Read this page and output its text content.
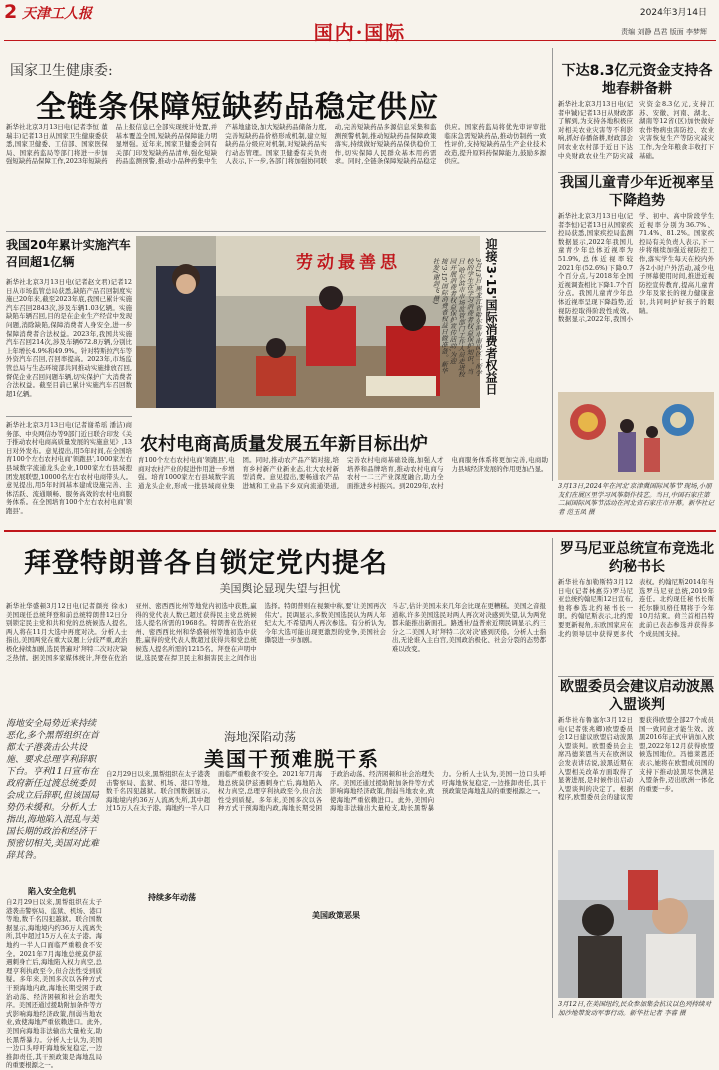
2 天津工人报	2024年3月14日
国内·国际	责编 刘静 昌君 版面 李梦辉
国家卫生健康委:
全链条保障短缺药品稳定供应
新华社北京3月13日电(记者李恒 董瑞丰)记者13日从国家卫生健康委获悉,国家卫健委、工信部、国家医保局、国家药监局等部门将进一步加强短缺药品保障工作,2023年短缺药品上报信息已全部实现统计处置,并基本覆盖全国,短缺药品保障能力明显增强。近年来,国家卫健委会同有关部门印发短缺药品清单,强化短缺药品监测预警,推动小品种药集中生产基地建设,加大短缺药品储备力度,完善短缺药品价格形成机制,建立短缺药品分级应对机制,对短缺药品实行动态管理。国家卫健委有关负责人表示,下一步,各部门将加强协同联动,完善短缺药品多源信息采集和监测预警机制,推动短缺药品保障政策落实,持续做好短缺药品保供稳价工作,切实保障人民群众基本用药需求。同时,全链条保障短缺药品稳定供应。国家药监局将优先审评审批临床急需短缺药品,推动仿制药一致性评价,支持短缺药品生产企业技术改造,提升原料药保障能力,鼓励多源供应。
我国20年累计实施汽车召回超1亿辆
新华社北京3月13日电(记者赵文君)记者12日从市场监管总局获悉,缺陷产品召回制度实施已20年来,截至2023年底,我国已累计实施汽车召回2843次,涉及车辆1.03亿辆。实施缺陷车辆召回,目的是在企业生产经营中发现问题,消除缺陷,保障消费者人身安全,进一步保障消费者合法权益。2023年,我国共实施汽车召回214次,涉及车辆672.8万辆,分别比上年增长4.9%和49.9%。针对特斯拉汽车等外资汽车召回,召回率提高。2023年,市场监管总局与生态环境部共同推动实施排放召回,督促企业召回问题车辆,切实保护广大消费者合法权益。截至目前已累计实施汽车召回数超1亿辆。
新华社北京3月13日电(记者谢希瑶 潘洁)商务部、中央网信办等9部门近日联合印发《关于推动农村电商高质量发展的实施意见》,13日对外发布。意见提出,用5年时间,在全国培育100个左右农村电商'领跑县',1000家左右县域数字流通龙头企业,1000家左右县域抱团发展联盟,10000名左右农村电商带头人。意见提出,用5年时间基本建成设施完善、主体活跃、流通顺畅、服务高效的农村电商服务体系。在全国培育100个左右农村电商'领跑县'。
劳动最善思	迎接'3·15'国际消费者权益日
3月13日,黑龙江省哈尔滨市南岗区一所学校的学生在学习消费者权益保护知识。当日,哈尔滨市市场监管部门工作人员走进校园开展消费者权益保护宣传活动,为迎接'3·15'国际消费者权益日做准备。新华社发(谢剑飞 摄)
农村电商高质量发展五年新目标出炉
育100个左右农村电商'领跑县',电商对农村产业的促进作用进一步增强。培育1000家左右县域数字流通龙头企业,形成一批县域商业集团。同时,推动农产品产销对接,培育乡村新产业新业态,壮大农村新型消费。意见提出,要畅通农产品进城和工业品下乡双向流通渠道,完善农村电商基础设施,加强人才培养和品牌培育,推动农村电商与农村一二三产业深度融合,助力全面推进乡村振兴。到2029年,农村电商服务体系将更加完善,电商助力县域经济发展的作用更加凸显。
下达8.3亿元资金支持各地春耕备耕
新华社北京3月13日电(记者申铖)记者13日从财政部了解到,为支持各地积极应对相关农业灾害等不利影响,抓好春播备耕,财政部会同农业农村部于近日下达中央财政农业生产防灾减灾资金8.3亿元,支持江苏、安徽、河南、湖北、湖南等12省(区)加快做好农作物病虫害防控、农业灾害恢复生产等防灾减灾工作,为全年粮食丰收打下基础。
我国儿童青少年近视率呈下降趋势
新华社北京3月13日电(记者李恒)记者13日从国家疾控局获悉,国家疾控局监测数据显示,2022年我国儿童青少年总体近视率为51.9%,总体近视率较2021年(52.6%)下降0.7个百分点,与2018年全国近视调查相比下降1.7个百分点。我国儿童青少年总体近视率呈现下降趋势,近视防控取得阶段性成效。数据显示,2022年,我国小学、初中、高中阶段学生近视率分别为36.7%、71.4%、81.2%。国家疾控局有关负责人表示,下一步将继续加强近视防控工作,落实学生每天在校内外各2小时户外活动,减少电子屏幕使用时间,推进近视防控宣传教育,提高儿童青少年及家长的视力健康意识,共同呵护好孩子的眼睛。
3月13日,2024年在河北'京津冀国际风筝节'现场,小朋友们在展区里学习风筝制作技艺。当日,中国石家庄第二届国际风筝节活动在河北省石家庄市开幕。新华社记者 范玉凤 摄
拜登特朗普各自锁定党内提名
美国舆论显现失望与担忧
新华社华盛顿3月12日电(记者颜亮 徐永)美国现任总统拜登和前总统特朗普12日分别锁定民主党和共和党的总统候选人提名,两人将在11月大选中再度对决。分析人士指出,美国两党在重大议题上分歧严重,政治极化持续加剧,选民普遍对'拜特二次对决'缺乏热情。据美国多家媒体统计,拜登在佐治亚州、密西西比州等地党内初选中获胜,赢得的党代表人数已超过获得民主党总统候选人提名所需的1968名。特朗普在佐治亚州、密西西比州和华盛顿州等地初选中获胜,赢得的党代表人数超过获得共和党总统候选人提名所需的1215名。拜登在声明中说,选民要在捍卫民主和损害民主之间作出选择。特朗普则在视频中称,要'让美国再次伟大'。民调显示,多数美国选民认为两人年纪太大,不希望两人再次参选。有分析认为,今年大选可能出现更激烈的党争,美国社会撕裂进一步加剧。
斗志',估计美国未来几年会比现在更糟糕。美国之音报道称,许多美国选民对两人再次对决感到失望,认为两党都未能推出新面孔。路透社/益普索近期民调显示,约三分之二美国人对'拜特二次对决'感到厌倦。分析人士指出,无论谁入主白宫,美国政治极化、社会分裂的态势都难以改变。
海地深陷动荡
美国干预难脱干系
海地安全局势近来持续恶化,多个黑帮组织在首都太子港袭击公共设施、要求总理亨利辞职下台。亨利11日宣布在政府新任过渡总统委员会成立后辞职,但该国局势仍未缓和。分析人士指出,海地陷入混乱与美国长期的政治和经济干预密切相关,美国对此难辞其咎。
陷入安全危机
自2月29日以来,黑帮组织在太子港袭击警察局、监狱、机场、港口等地,数千名囚犯越狱。联合国数据显示,海地境内约36万人流离失所,其中超过15万人在太子港。海地约一半人口面临严重粮食不安全。2021年7月海地总统莫伊兹遇刺身亡后,海地陷入权力真空,总理亨利执政至今,但合法性受到质疑。多年来,美国多次以各种方式干预海地内政,海地长期受困于政治动荡、经济困顿和社会治理失序。美国还通过援助附加条件等方式影响海地经济政策,削弱当地农业,致使海地严重依赖进口。此外,美国向海地非法输出大量枪支,助长黑帮暴力。分析人士认为,美国一边口头呼吁海地恢复稳定,一边推卸责任,其干预政策是海地乱局的重要根源之一。
自2月29日以来,黑帮组织在太子港袭击警察局、监狱、机场、港口等地,数千名囚犯越狱。联合国数据显示,海地境内约36万人流离失所,其中超过15万人在太子港。海地约一半人口面临严重粮食不安全。2021年7月海地总统莫伊兹遇刺身亡后,海地陷入权力真空,总理亨利执政至今,但合法性受到质疑。多年来,美国多次以各种方式干预海地内政,海地长期受困于政治动荡、经济困顿和社会治理失序。美国还通过援助附加条件等方式影响海地经济政策,削弱当地农业,致使海地严重依赖进口。此外,美国向海地非法输出大量枪支,助长黑帮暴力。分析人士认为,美国一边口头呼吁海地恢复稳定,一边推卸责任,其干预政策是海地乱局的重要根源之一。
持续多年动荡
美国政策恶果
罗马尼亚总统宣布竞选北约秘书长
新华社布加勒斯特3月12日电(记者林惠芬)罗马尼亚总统约翰尼斯12日宣布,他将参选北约秘书长一职。约翰尼斯表示,北约需要更新视角,东欧国家应在北约领导层中获得更多代表权。约翰尼斯2014年当选罗马尼亚总统,2019年连任。北约现任秘书长斯托尔滕贝格任期将于今年10月结束。荷兰首相吕特此前已表态参选并获得多个成员国支持。
欧盟委员会建议启动波黑入盟谈判
新华社布鲁塞尔3月12日电(记者张兆卿)欧盟委员会12日建议欧盟启动波黑入盟谈判。欧盟委员会主席冯德莱恩当天在欧洲议会发表讲话说,波黑近期在入盟相关改革方面取得了显著进展,是时候作出启动入盟谈判的决定了。根据程序,欧盟委员会的建议需要获得欧盟全部27个成员国一致同意才能生效。波黑2016年正式申请加入欧盟,2022年12月获得欧盟候选国地位。冯德莱恩还表示,她将在欧盟成员国的支持下推动波黑尽快满足入盟条件,迈出欧洲一体化的重要一步。
3月12日,在美国纽约,民众参加集会抗议以色列持续对加沙地带发动军事行动。新华社记者 李睿 摄
